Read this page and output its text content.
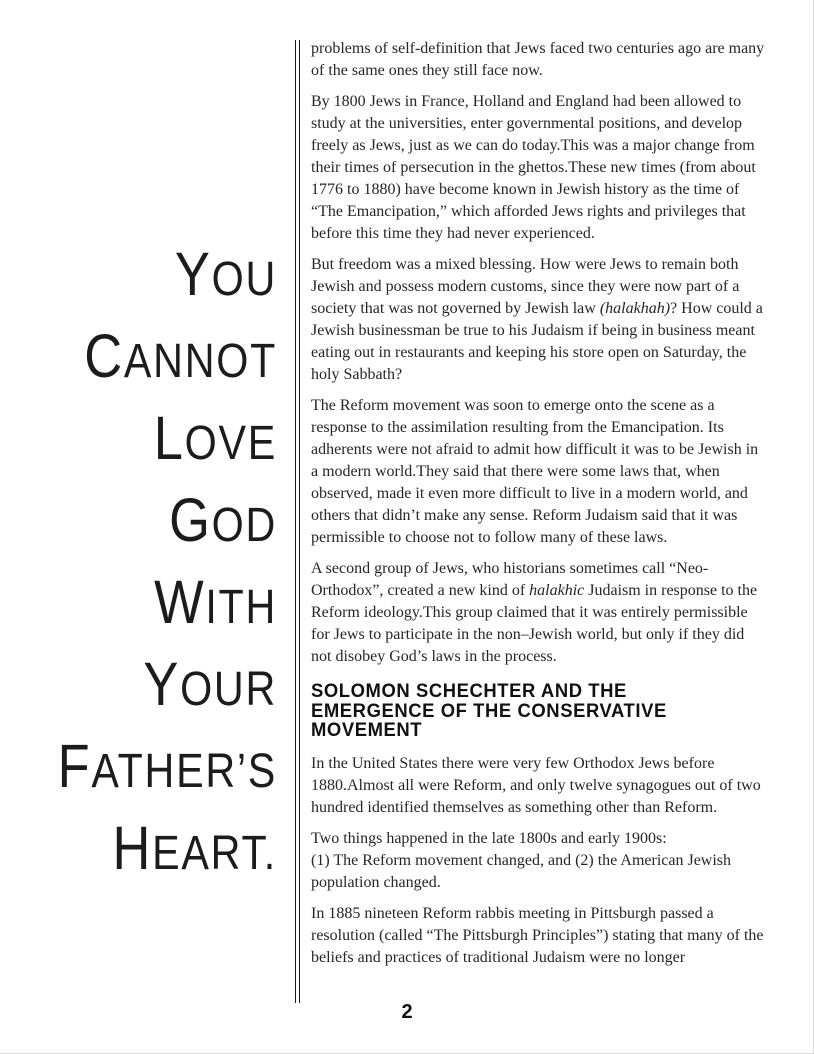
YOU
CANNOT
LOVE
GOD
WITH
YOUR
FATHER’S
HEART.

problems of self-definition that Jews faced two centuries ago are many of the same ones they still face now.

By 1800 Jews in France, Holland and England had been allowed to study at the universities, enter governmental positions, and develop freely as Jews, just as we can do today.This was a major change from their times of persecution in the ghettos.These new times (from about 1776 to 1880) have become known in Jewish history as the time of “The Emancipation,” which afforded Jews rights and privileges that before this time they had never experienced.

But freedom was a mixed blessing. How were Jews to remain both Jewish and possess modern customs, since they were now part of a society that was not governed by Jewish law (halakhah)? How could a Jewish businessman be true to his Judaism if being in business meant eating out in restaurants and keeping his store open on Saturday, the holy Sabbath?

The Reform movement was soon to emerge onto the scene as a response to the assimilation resulting from the Emancipation. Its adherents were not afraid to admit how difficult it was to be Jewish in a modern world.They said that there were some laws that, when observed, made it even more difficult to live in a modern world, and others that didn’t make any sense. Reform Judaism said that it was permissible to choose not to follow many of these laws.

A second group of Jews, who historians sometimes call “Neo-Orthodox”, created a new kind of halakhic Judaism in response to the Reform ideology.This group claimed that it was entirely permissible for Jews to participate in the non–Jewish world, but only if they did not disobey God’s laws in the process.

SOLOMON SCHECHTER AND THE
EMERGENCE OF THE CONSERVATIVE
MOVEMENT

In the United States there were very few Orthodox Jews before 1880.Almost all were Reform, and only twelve synagogues out of two hundred identified themselves as something other than Reform.

Two things happened in the late 1800s and early 1900s:
(1) The Reform movement changed, and (2) the American Jewish population changed.

In 1885 nineteen Reform rabbis meeting in Pittsburgh passed a resolution (called “The Pittsburgh Principles”) stating that many of the beliefs and practices of traditional Judaism were no longer

2
